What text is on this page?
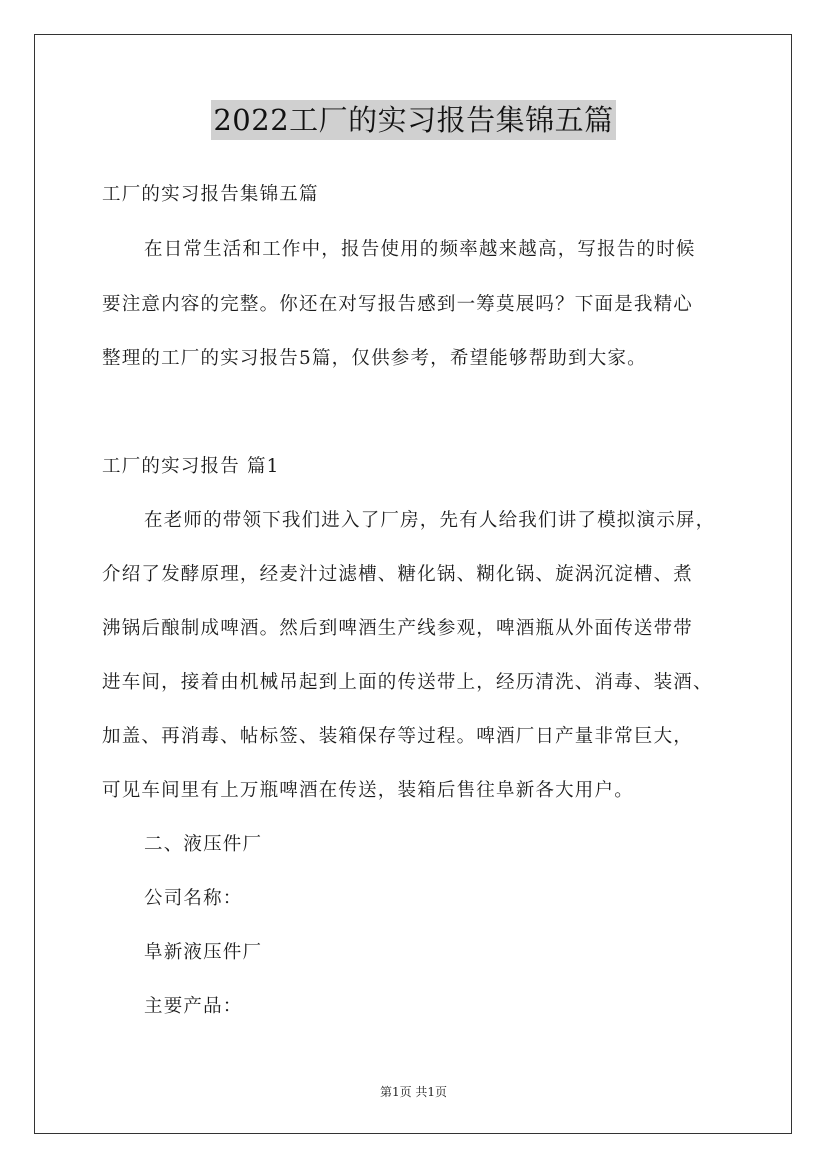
2022工厂的实习报告集锦五篇
工厂的实习报告集锦五篇
在日常生活和工作中，报告使用的频率越来越高，写报告的时候
要注意内容的完整。你还在对写报告感到一筹莫展吗？下面是我精心
整理的工厂的实习报告5篇，仅供参考，希望能够帮助到大家。
工厂的实习报告 篇1
在老师的带领下我们进入了厂房，先有人给我们讲了模拟演示屏，
介绍了发酵原理，经麦汁过滤槽、糖化锅、糊化锅、旋涡沉淀槽、煮
沸锅后酿制成啤酒。然后到啤酒生产线参观，啤酒瓶从外面传送带带
进车间，接着由机械吊起到上面的传送带上，经历清洗、消毒、装酒、
加盖、再消毒、帖标签、装箱保存等过程。啤酒厂日产量非常巨大，
可见车间里有上万瓶啤酒在传送，装箱后售往阜新各大用户。
二、液压件厂
公司名称：
阜新液压件厂
主要产品：
第1页 共1页
